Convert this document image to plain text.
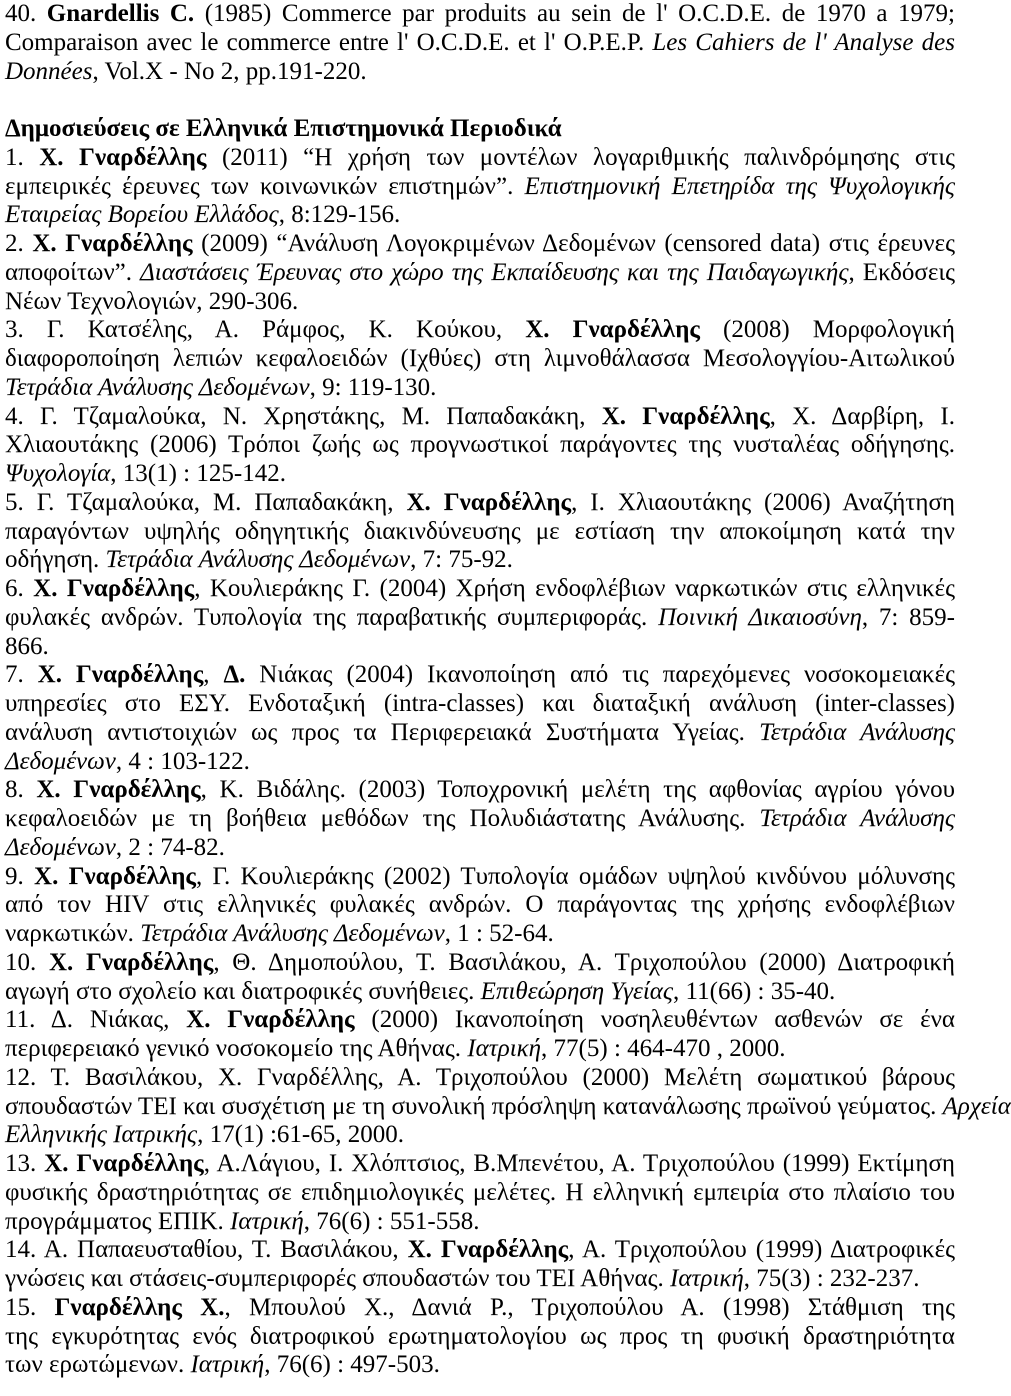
40. Gnardellis C. (1985) Commerce par produits au sein de l' O.C.D.E. de 1970 a 1979;
Comparaison avec le commerce entre l' O.C.D.E. et l' O.P.E.P. Les Cahiers de l' Analyse des
Données, Vol.X - No 2, pp.191-220.
Δημοσιεύσεις σε Ελληνικά Επιστημονικά Περιοδικά
1. Χ. Γναρδέλλης (2011) “Η χρήση των μοντέλων λογαριθμικής παλινδρόμησης στις
εμπειρικές έρευνες των κοινωνικών επιστημών”. Επιστημονική Επετηρίδα της Ψυχολογικής
Εταιρείας Βορείου Ελλάδος, 8:129-156.
2. Χ. Γναρδέλλης (2009) “Ανάλυση Λογοκριμένων Δεδομένων (censored data) στις έρευνες
αποφοίτων”. Διαστάσεις Έρευνας στο χώρο της Εκπαίδευσης και της Παιδαγωγικής, Εκδόσεις
Νέων Τεχνολογιών, 290-306.
3. Γ. Κατσέλης, Α. Ράμφος, Κ. Κούκου, Χ. Γναρδέλλης (2008) Μορφολογική
διαφοροποίηση λεπιών κεφαλοειδών (Ιχθύες) στη λιμνοθάλασσα Μεσολογγίου-Αιτωλικού
Τετράδια Ανάλυσης Δεδομένων, 9: 119-130.
4. Γ. Τζαμαλούκα, Ν. Χρηστάκης, Μ. Παπαδακάκη, Χ. Γναρδέλλης, Χ. Δαρβίρη, Ι.
Χλιαουτάκης (2006) Τρόποι ζωής ως προγνωστικοί παράγοντες της νυσταλέας οδήγησης.
Ψυχολογία, 13(1) : 125-142.
5. Γ. Τζαμαλούκα, Μ. Παπαδακάκη, Χ. Γναρδέλλης, Ι. Χλιαουτάκης (2006) Αναζήτηση
παραγόντων υψηλής οδηγητικής διακινδύνευσης με εστίαση την αποκοίμηση κατά την
οδήγηση. Τετράδια Ανάλυσης Δεδομένων, 7: 75-92.
6. Χ. Γναρδέλλης, Κουλιεράκης Γ. (2004) Χρήση ενδοφλέβιων ναρκωτικών στις ελληνικές
φυλακές ανδρών. Τυπολογία της παραβατικής συμπεριφοράς. Ποινική Δικαιοσύνη, 7: 859-
866.
7. Χ. Γναρδέλλης, Δ. Νιάκας (2004) Ικανοποίηση από τις παρεχόμενες νοσοκομειακές
υπηρεσίες στο ΕΣΥ. Ενδοταξική (intra-classes) και διαταξική ανάλυση (inter-classes)
ανάλυση αντιστοιχιών ως προς τα Περιφερειακά Συστήματα Υγείας. Τετράδια Ανάλυσης
Δεδομένων, 4 : 103-122.
8. Χ. Γναρδέλλης, Κ. Βιδάλης. (2003) Τοποχρονική μελέτη της αφθονίας αγρίου γόνου
κεφαλοειδών με τη βοήθεια μεθόδων της Πολυδιάστατης Ανάλυσης. Τετράδια Ανάλυσης
Δεδομένων, 2 : 74-82.
9. Χ. Γναρδέλλης, Γ. Κουλιεράκης (2002) Τυπολογία ομάδων υψηλού κινδύνου μόλυνσης
από τον HIV στις ελληνικές φυλακές ανδρών. Ο παράγοντας της χρήσης ενδοφλέβιων
ναρκωτικών. Τετράδια Ανάλυσης Δεδομένων, 1 : 52-64.
10. Χ. Γναρδέλλης, Θ. Δημοπούλου, Τ. Βασιλάκου, Α. Τριχοπούλου (2000) Διατροφική
αγωγή στο σχολείο και διατροφικές συνήθειες. Επιθεώρηση Υγείας, 11(66) : 35-40.
11. Δ. Νιάκας, Χ. Γναρδέλλης (2000) Ικανοποίηση νοσηλευθέντων ασθενών σε ένα
περιφερειακό γενικό νοσοκομείο της Αθήνας. Ιατρική, 77(5) : 464-470 , 2000.
12. Τ. Βασιλάκου, Χ. Γναρδέλλης, Α. Τριχοπούλου (2000) Μελέτη σωματικού βάρους
σπουδαστών ΤΕΙ και συσχέτιση με τη συνολική πρόσληψη κατανάλωσης πρωϊνού γεύματος. Αρχεία
Ελληνικής Ιατρικής, 17(1) :61-65, 2000.
13. Χ. Γναρδέλλης, Α.Λάγιου, Ι. Χλόπτσιος, Β.Μπενέτου, Α. Τριχοπούλου (1999) Εκτίμηση
φυσικής δραστηριότητας σε επιδημιολογικές μελέτες. Η ελληνική εμπειρία στο πλαίσιο του
προγράμματος ΕΠΙΚ. Ιατρική, 76(6) : 551-558.
14. Α. Παπαευσταθίου, Τ. Βασιλάκου, Χ. Γναρδέλλης, Α. Τριχοπούλου (1999) Διατροφικές
γνώσεις και στάσεις-συμπεριφορές σπουδαστών του ΤΕΙ Αθήνας. Ιατρική, 75(3) : 232-237.
15. Γναρδέλλης Χ., Μπουλού Χ., Δανιά Ρ., Τριχοπούλου Α. (1998) Στάθμιση της
της εγκυρότητας ενός διατροφικού ερωτηματολογίου ως προς τη φυσική δραστηριότητα
των ερωτώμενων. Ιατρική, 76(6) : 497-503.
